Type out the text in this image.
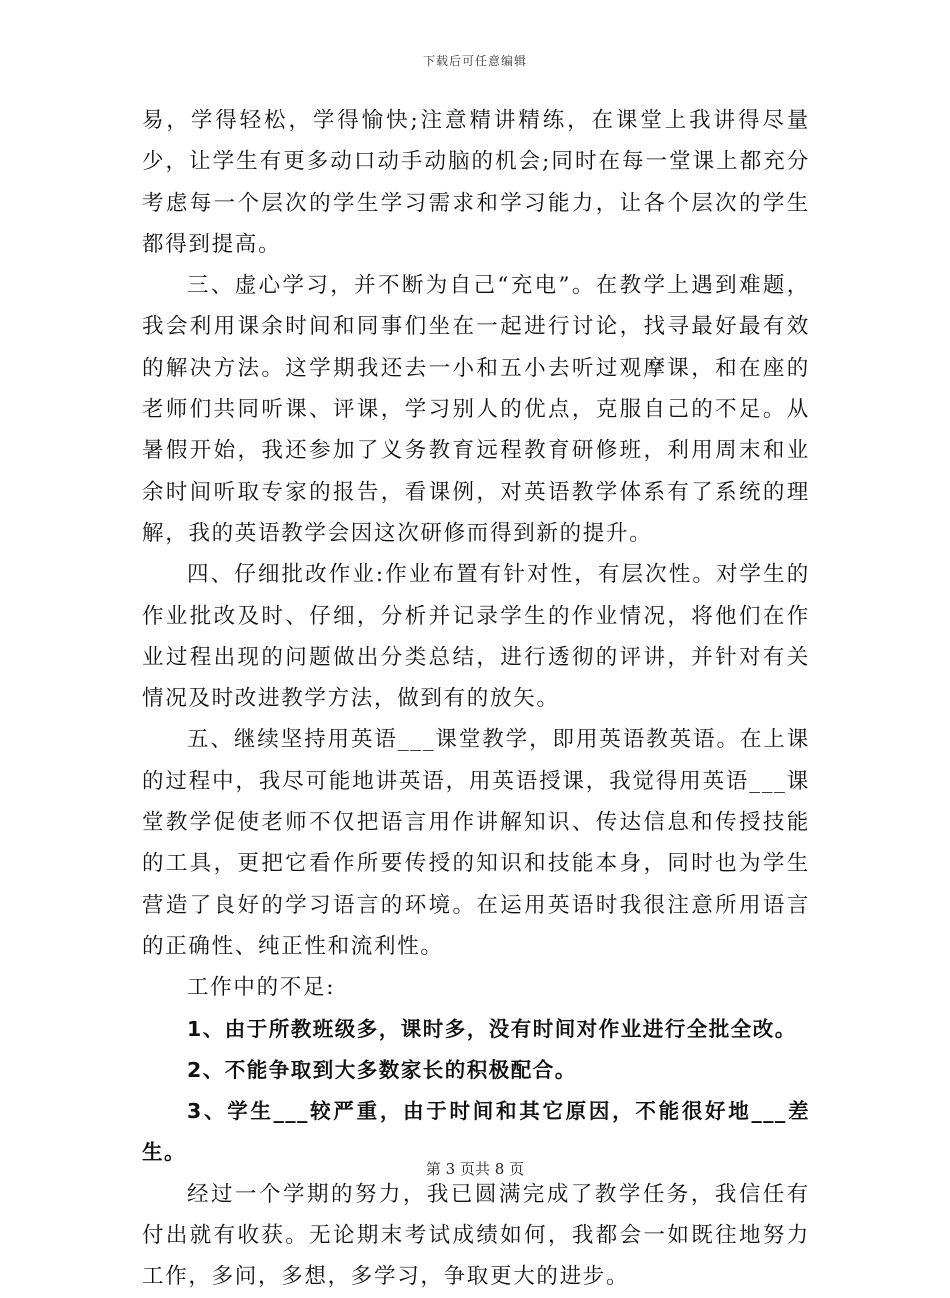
下载后可任意编辑

易，学得轻松，学得愉快;注意精讲精练，在课堂上我讲得尽量少，让学生有更多动口动手动脑的机会;同时在每一堂课上都充分考虑每一个层次的学生学习需求和学习能力，让各个层次的学生都得到提高。

三、虚心学习，并不断为自己“充电”。在教学上遇到难题，我会利用课余时间和同事们坐在一起进行讨论，找寻最好最有效的解决方法。这学期我还去一小和五小去听过观摩课，和在座的老师们共同听课、评课，学习别人的优点，克服自己的不足。从暑假开始，我还参加了义务教育远程教育研修班，利用周末和业余时间听取专家的报告，看课例，对英语教学体系有了系统的理解，我的英语教学会因这次研修而得到新的提升。

四、仔细批改作业:作业布置有针对性，有层次性。对学生的作业批改及时、仔细，分析并记录学生的作业情况，将他们在作业过程出现的问题做出分类总结，进行透彻的评讲，并针对有关情况及时改进教学方法，做到有的放矢。

五、继续坚持用英语___课堂教学，即用英语教英语。在上课的过程中，我尽可能地讲英语，用英语授课，我觉得用英语___课堂教学促使老师不仅把语言用作讲解知识、传达信息和传授技能的工具，更把它看作所要传授的知识和技能本身，同时也为学生营造了良好的学习语言的环境。在运用英语时我很注意所用语言的正确性、纯正性和流利性。

工作中的不足:

1、由于所教班级多，课时多，没有时间对作业进行全批全改。

2、不能争取到大多数家长的积极配合。

3、学生___较严重，由于时间和其它原因，不能很好地___差生。

经过一个学期的努力，我已圆满完成了教学任务，我信任有付出就有收获。无论期末考试成绩如何，我都会一如既往地努力工作，多问，多想，多学习，争取更大的进步。

第 3 页共 8 页
